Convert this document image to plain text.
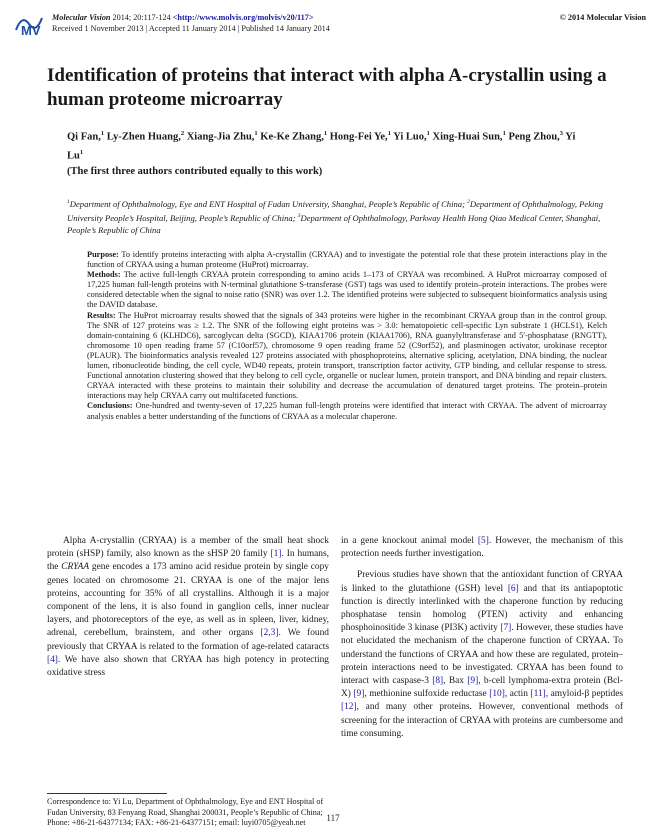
MV
Molecular Vision 2014; 20:117-124 <http://www.molvis.org/molvis/v20/117>
Received 1 November 2013 | Accepted 11 January 2014 | Published 14 January 2014
© 2014 Molecular Vision
Identification of proteins that interact with alpha A-crystallin using a human proteome microarray
Qi Fan,$^1$ Ly-Zhen Huang,$^2$ Xiang-Jia Zhu,$^1$ Ke-Ke Zhang,$^1$ Hong-Fei Ye,$^1$ Yi Luo,$^1$ Xing-Huai Sun,$^1$ Peng Zhou,$^3$ Yi Lu$^1$
(The first three authors contributed equally to this work)
$^1$Department of Ophthalmology, Eye and ENT Hospital of Fudan University, Shanghai, People’s Republic of China; $^2$Department of Ophthalmology, Peking University People’s Hospital, Beijing, People’s Republic of China; $^3$Department of Ophthalmology, Parkway Health Hong Qiao Medical Center, Shanghai, People’s Republic of China

Purpose: To identify proteins interacting with alpha A-crystallin (CRYAA) and to investigate the potential role that these protein interactions play in the function of CRYAA using a human proteome (HuProt) microarray.

Methods: The active full-length CRYAA protein corresponding to amino acids 1–173 of CRYAA was recombined. A HuProt microarray composed of 17,225 human full-length proteins with N-terminal glutathione S-transferase (GST) tags was used to identify protein–protein interactions. The probes were considered detectable when the signal to noise ratio (SNR) was over 1.2. The identified proteins were subjected to subsequent bioinformatics analysis using the DAVID database.

Results: The HuProt microarray results showed that the signals of 343 proteins were higher in the recombinant CRYAA group than in the control group. The SNR of 127 proteins was ≥ 1.2. The SNR of the following eight proteins was > 3.0: hematopoietic cell-specific Lyn substrate 1 (HCLS1), Kelch domain-containing 6 (KLHDC6), sarcoglycan delta (SGCD), KIAA1706 protein (KIAA1706), RNA guanylyltransferase and 5′-phosphatase (RNGTT), chromosome 10 open reading frame 57 (C10orf57), chromosome 9 open reading frame 52 (C9orf52), and plasminogen activator, urokinase receptor (PLAUR). The bioinformatics analysis revealed 127 proteins associated with phosphoproteins, alternative splicing, acetylation, DNA binding, the nuclear lumen, ribonucleotide binding, the cell cycle, WD40 repeats, protein transport, transcription factor activity, GTP binding, and cellular response to stress. Functional annotation clustering showed that they belong to cell cycle, organelle or nuclear lumen, protein transport, and DNA binding and repair clusters. CRYAA interacted with these proteins to maintain their solubility and decrease the accumulation of denatured target proteins. The protein–protein interactions may help CRYAA carry out multifaceted functions.

Conclusions: One-hundred and twenty-seven of 17,225 human full-length proteins were identified that interact with CRYAA. The advent of microarray analysis enables a better understanding of the functions of CRYAA as a molecular chaperone.

Alpha A-crystallin (CRYAA) is a member of the small heat shock protein (sHSP) family, also known as the sHSP 20 family [1]. In humans, the CRYAA gene encodes a 173 amino acid residue protein by single copy genes located on chromosome 21. CRYAA is one of the major lens proteins, accounting for 35% of all crystallins. Although it is a major component of the lens, it is also found in ganglion cells, inner nuclear layers, and photoreceptors of the eye, as well as in spleen, liver, kidney, adrenal, cerebellum, brainstem, and other organs [2,3]. We found previously that CRYAA is related to the formation of age-related cataracts [4]. We have also shown that CRYAA has high potency in protecting oxidative stress

in a gene knockout animal model [5]. However, the mechanism of this protection needs further investigation.

Previous studies have shown that the antioxidant function of CRYAA is linked to the glutathione (GSH) level [6] and that its antiapoptotic function is directly interlinked with the chaperone function by reducing phosphatase tensin homolog (PTEN) activity and enhancing phosphoinositide 3 kinase (PI3K) activity [7]. However, these studies have not elucidated the mechanism of the chaperone function of CRYAA. To understand the functions of CRYAA and how these are regulated, protein–protein interactions need to be investigated. CRYAA has been found to interact with caspase-3 [8], Bax [9], b-cell lymphoma-extra protein (Bcl-X) [9], methionine sulfoxide reductase [10], actin [11], amyloid-β peptides [12], and many other proteins. However, conventional methods of screening for the interaction of CRYAA with proteins are cumbersome and time consuming.

Correspondence to: Yi Lu, Department of Ophthalmology, Eye and ENT Hospital of Fudan University, 83 Fenyang Road, Shanghai 200031, People’s Republic of China; Phone: +86-21-64377134; FAX: +86-21-64377151; email: luyi0705@yeah.net	117
